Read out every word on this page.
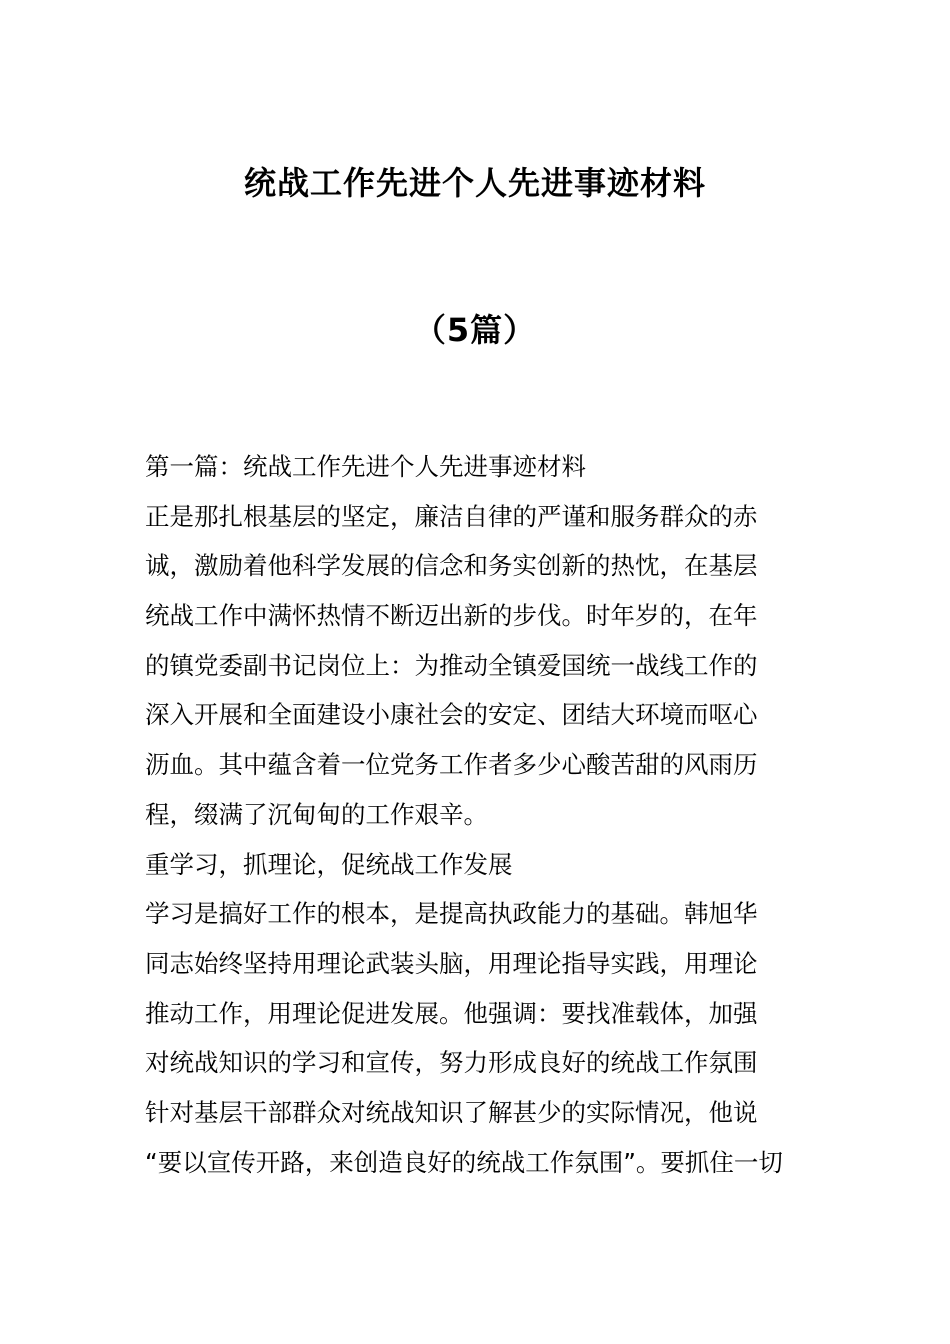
统战工作先进个人先进事迹材料
（5篇）
第一篇：统战工作先进个人先进事迹材料
正是那扎根基层的坚定，廉洁自律的严谨和服务群众的赤
诚，激励着他科学发展的信念和务实创新的热忱，在基层
统战工作中满怀热情不断迈出新的步伐。时年岁的，在年
的镇党委副书记岗位上：为推动全镇爱国统一战线工作的
深入开展和全面建设小康社会的安定、团结大环境而呕心
沥血。其中蕴含着一位党务工作者多少心酸苦甜的风雨历
程，缀满了沉甸甸的工作艰辛。
重学习，抓理论，促统战工作发展
学习是搞好工作的根本，是提高执政能力的基础。韩旭华
同志始终坚持用理论武装头脑，用理论指导实践，用理论
推动工作，用理论促进发展。他强调：要找准载体，加强
对统战知识的学习和宣传，努力形成良好的统战工作氛围
针对基层干部群众对统战知识了解甚少的实际情况，他说
“要以宣传开路，来创造良好的统战工作氛围”。要抓住一切
